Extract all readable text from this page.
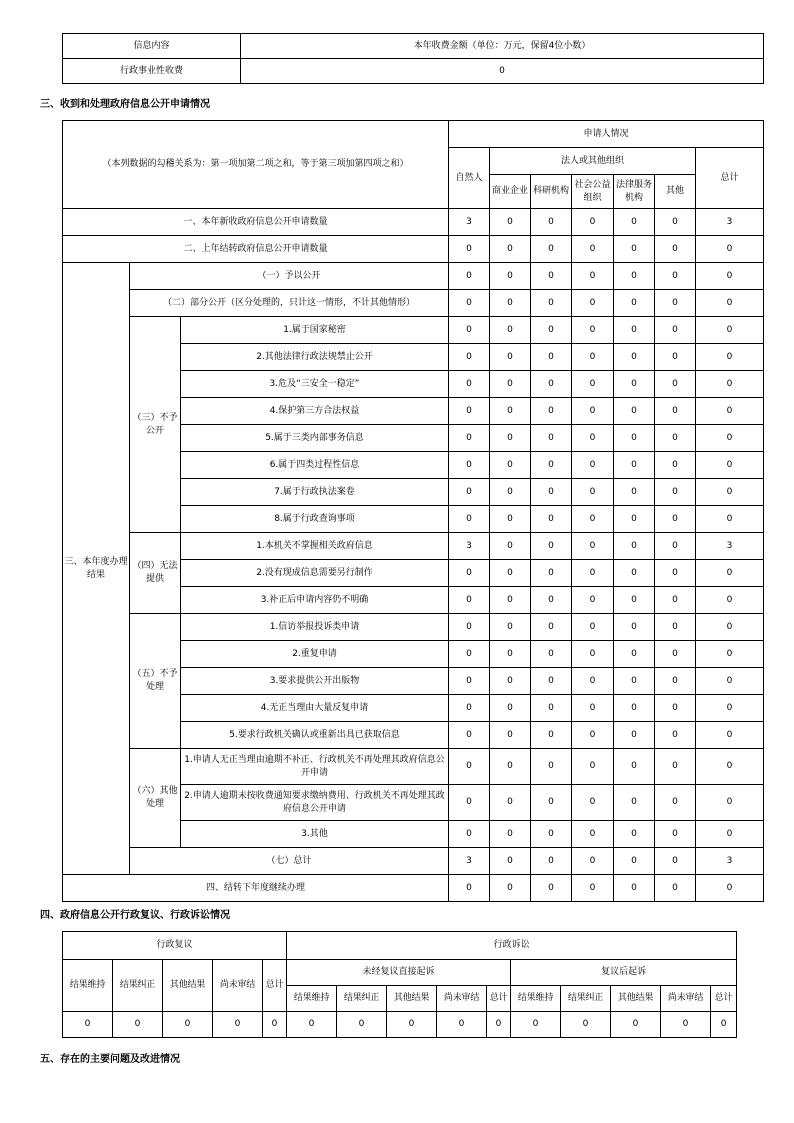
信息内容	本年收费金额（单位：万元，保留4位小数）
行政事业性收费	0
三、收到和处理政府信息公开申请情况
（本列数据的勾稽关系为：第一项加第二项之和，等于第三项加第四项之和）			申请人情况						
			自然人	法人或其他组织					总计
				商业企业	科研机构	社会公益组织	法律服务机构	其他	
一、本年新收政府信息公开申请数量			3	0	0	0	0	0	3
二、上年结转政府信息公开申请数量			0	0	0	0	0	0	0
三、本年度办理结果	（一）予以公开		0	0	0	0	0	0	0
	（二）部分公开（区分处理的，只计这一情形，不计其他情形）		0	0	0	0	0	0	0
	（三）不予公开	1.属于国家秘密	0	0	0	0	0	0	0
		2.其他法律行政法规禁止公开	0	0	0	0	0	0	0
		3.危及“三安全一稳定”	0	0	0	0	0	0	0
		4.保护第三方合法权益	0	0	0	0	0	0	0
		5.属于三类内部事务信息	0	0	0	0	0	0	0
		6.属于四类过程性信息	0	0	0	0	0	0	0
		7.属于行政执法案卷	0	0	0	0	0	0	0
		8.属于行政查询事项	0	0	0	0	0	0	0
	（四）无法提供	1.本机关不掌握相关政府信息	3	0	0	0	0	0	3
		2.没有现成信息需要另行制作	0	0	0	0	0	0	0
		3.补正后申请内容仍不明确	0	0	0	0	0	0	0
	（五）不予处理	1.信访举报投诉类申请	0	0	0	0	0	0	0
		2.重复申请	0	0	0	0	0	0	0
		3.要求提供公开出版物	0	0	0	0	0	0	0
		4.无正当理由大量反复申请	0	0	0	0	0	0	0
		5.要求行政机关确认或重新出具已获取信息	0	0	0	0	0	0	0
	（六）其他处理	1.申请人无正当理由逾期不补正、行政机关不再处理其政府信息公开申请	0	0	0	0	0	0	0
		2.申请人逾期未按收费通知要求缴纳费用、行政机关不再处理其政府信息公开申请	0	0	0	0	0	0	0
		3.其他	0	0	0	0	0	0	0
	（七）总计		3	0	0	0	0	0	3
四、结转下年度继续办理			0	0	0	0	0	0	0
四、政府信息公开行政复议、行政诉讼情况
行政复议					行政诉讼									
结果维持	结果纠正	其他结果	尚未审结	总计	未经复议直接起诉					复议后起诉				
					结果维持	结果纠正	其他结果	尚未审结	总计	结果维持	结果纠正	其他结果	尚未审结	总计
0	0	0	0	0	0	0	0	0	0	0	0	0	0	0
五、存在的主要问题及改进情况
